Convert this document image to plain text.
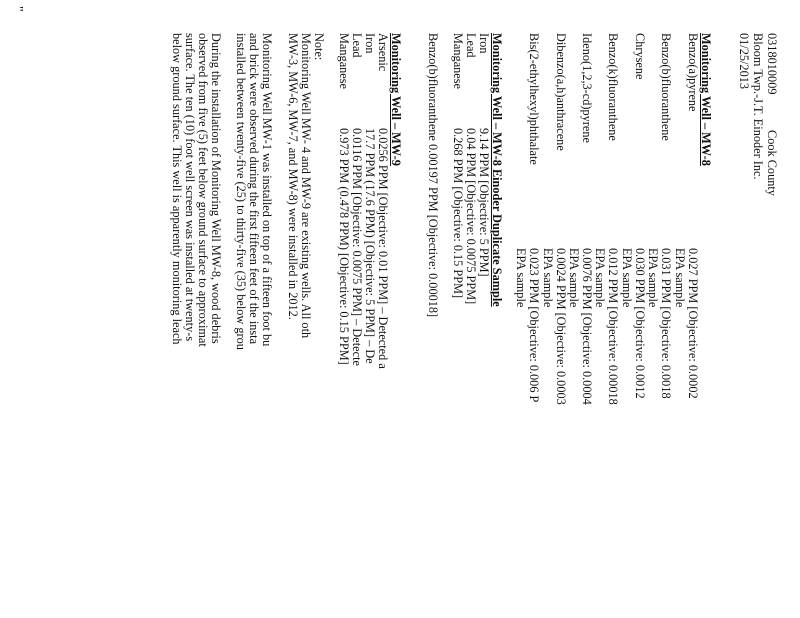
0318010009
Cook County
Bloom Twp.-J.T. Einoder Inc.
01/25/2013
Monitoring Well – MW-8
Benzo(a)pyrene
0.027 PPM [Objective: 0.0002
EPA sample
Benzo(b)fluoranthene
0.031 PPM [Objective: 0.0018
EPA sample
Chrysene
0.030 PPM [Objective: 0.0012
EPA sample
Benzo(k)fluoranthene
0.012 PPM [Objective: 0.00018
EPA sample
Ideno(1,2,3-cd)pyrene
0.0076 PPM [Objective: 0.0004
EPA sample
Dibenzo(a,h)anthracene
0.0024 PPM [Objective: 0.0003
EPA sample
Bis(2-ethylhexyl)phthalate
0.023 PPM [Objective: 0.006 P
EPA sample
Monitoring Well – MW-8 Einoder Duplicate Sample
Iron
9.14 PPM [Objective: 5 PPM]
Lead
0.04 PPM [Objective: 0.0075 PPM]
Manganese
0.268 PPM [Objective: 0.15 PPM]
Benzo(b)fluoranthene 0.00197 PPM [Objective: 0.00018]
Monitoring Well – MW-9
Arsenic
0.0256 PPM [Objective: 0.01 PPM] – Detected a
Iron
17.7 PPM (17.6 PPM) [Objective: 5 PPM] – De
Lead
0.0116 PPM [Objective: 0.0075 PPM] – Detecte
Manganese
0.973 PPM (0.478 PPM) [Objective: 0.15 PPM]
Note:
Monitoring Well MW- 4 and MW-9 are existing wells. All oth
MW-3, MW-6, MW-7, and MW-8) were installed in 2012.
Monitoring Well MW-1 was installed on top of a fifteen foot bu
and brick were observed during the first fifteen feet of the insta
installed between twenty-five (25) to thirty-five (35) below grou
During the installation of Monitoring Well MW-8, wood debris
observed from five (5) feet below ground surface to approximat
surface. The ten (10) foot well screen was installed at twenty-s
below ground surface. This well is apparently monitoring leach
"
